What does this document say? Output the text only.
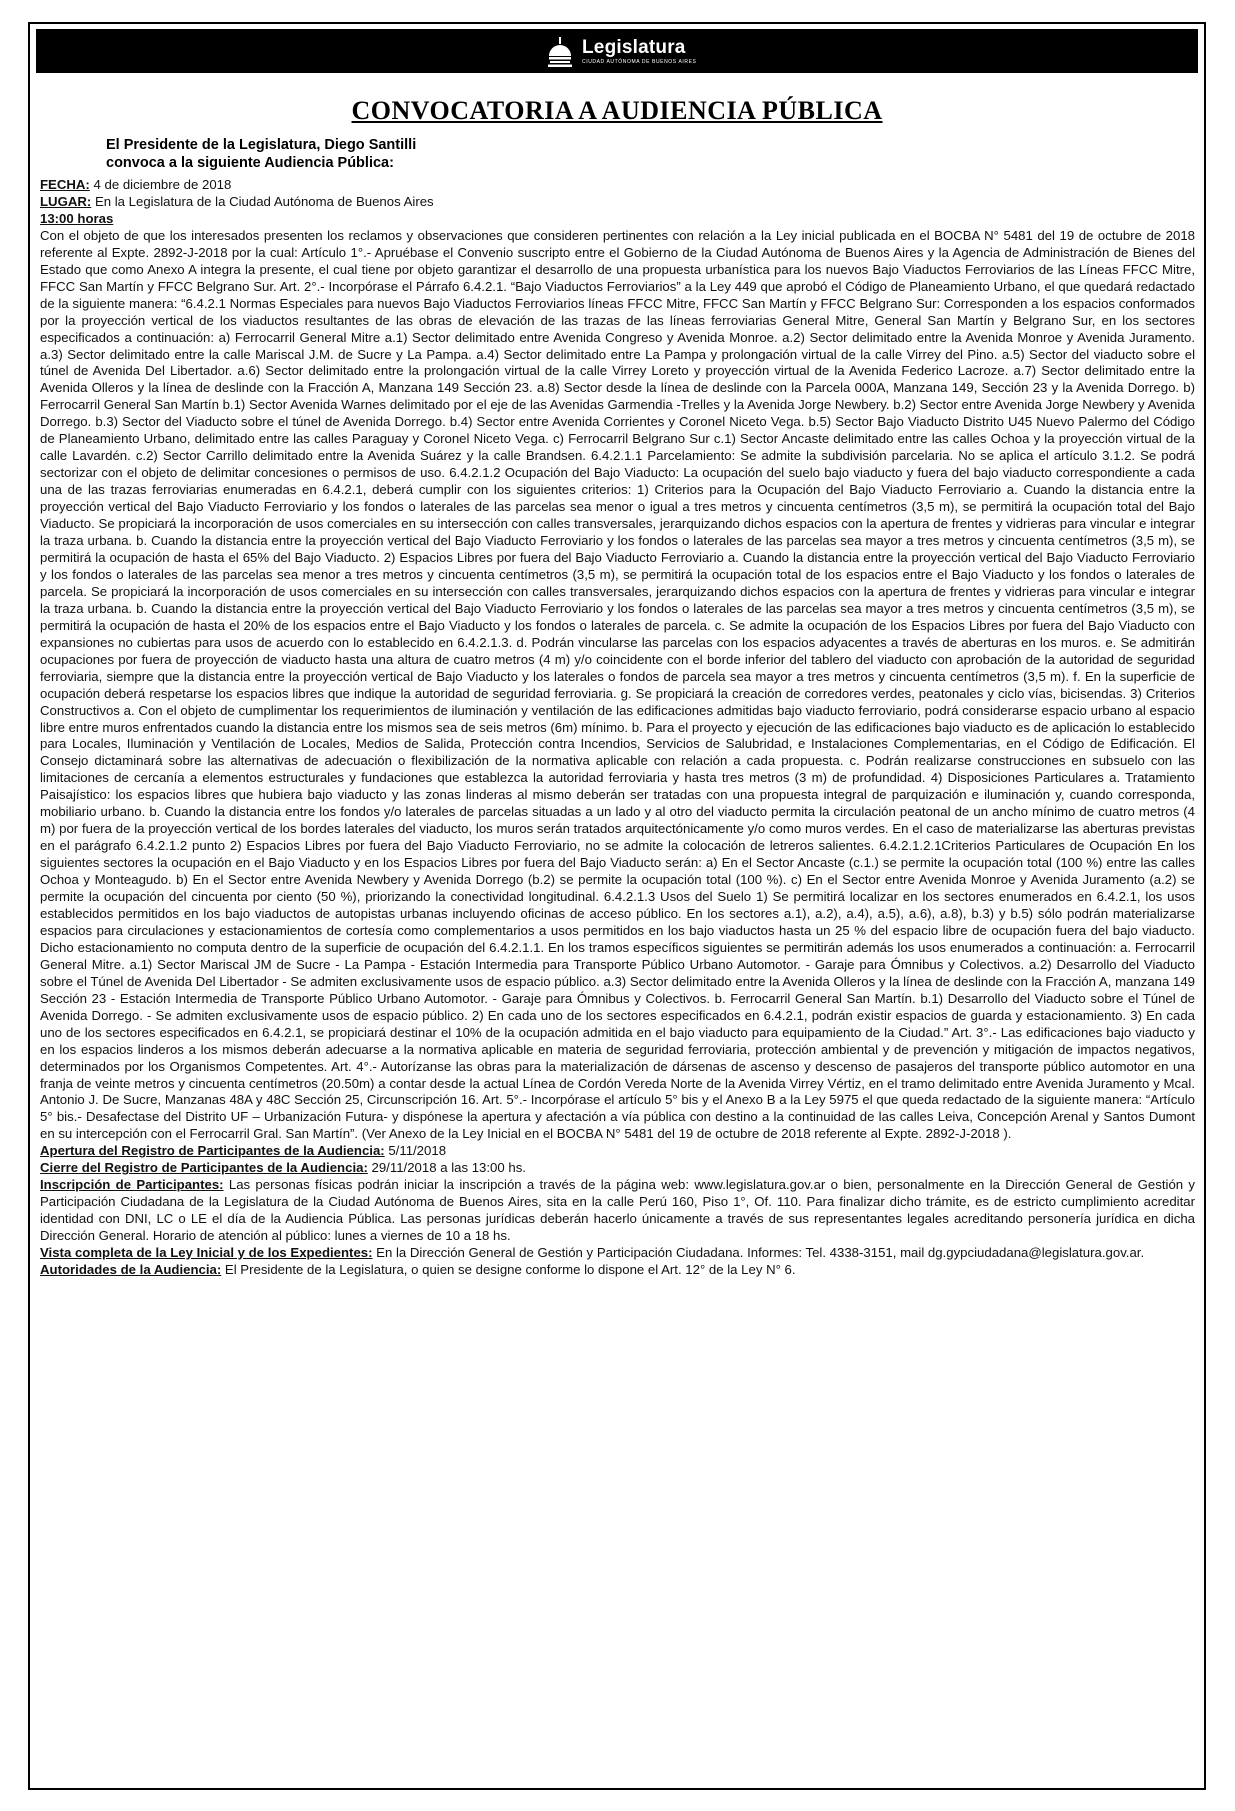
Legislatura
CIUDAD AUTÓNOMA DE BUENOS AIRES
CONVOCATORIA A AUDIENCIA PÚBLICA
El Presidente de la Legislatura, Diego Santilli
convoca a la siguiente Audiencia Pública:

FECHA: 4 de diciembre de 2018

LUGAR: En la Legislatura de la Ciudad Autónoma de Buenos Aires

13:00 horas

Con el objeto de que los interesados presenten los reclamos y observaciones que consideren pertinentes con relación a la Ley inicial publicada en el BOCBA N° 5481 del 19 de octubre de 2018 referente al Expte. 2892-J-2018 por la cual: Artículo 1°.- Apruébase el Convenio suscripto entre el Gobierno de la Ciudad Autónoma de Buenos Aires y la Agencia de Administración de Bienes del Estado que como Anexo A integra la presente, el cual tiene por objeto garantizar el desarrollo de una propuesta urbanística para los nuevos Bajo Viaductos Ferroviarios de las Líneas FFCC Mitre, FFCC San Martín y FFCC Belgrano Sur. Art. 2°.- Incorpórase el Párrafo 6.4.2.1. “Bajo Viaductos Ferroviarios” a la Ley 449 que aprobó el Código de Planeamiento Urbano, el que quedará redactado de la siguiente manera: “6.4.2.1 Normas Especiales para nuevos Bajo Viaductos Ferroviarios líneas FFCC Mitre, FFCC San Martín y FFCC Belgrano Sur: Corresponden a los espacios conformados por la proyección vertical de los viaductos resultantes de las obras de elevación de las trazas de las líneas ferroviarias General Mitre, General San Martín y Belgrano Sur, en los sectores especificados a continuación: a) Ferrocarril General Mitre a.1) Sector delimitado entre Avenida Congreso y Avenida Monroe. a.2) Sector delimitado entre la Avenida Monroe y Avenida Juramento. a.3) Sector delimitado entre la calle Mariscal J.M. de Sucre y La Pampa. a.4) Sector delimitado entre La Pampa y prolongación virtual de la calle Virrey del Pino. a.5) Sector del viaducto sobre el túnel de Avenida Del Libertador. a.6) Sector delimitado entre la prolongación virtual de la calle Virrey Loreto y proyección virtual de la Avenida Federico Lacroze. a.7) Sector delimitado entre la Avenida Olleros y la línea de deslinde con la Fracción A, Manzana 149 Sección 23. a.8) Sector desde la línea de deslinde con la Parcela 000A, Manzana 149, Sección 23 y la Avenida Dorrego. b) Ferrocarril General San Martín b.1) Sector Avenida Warnes delimitado por el eje de las Avenidas Garmendia -Trelles y la Avenida Jorge Newbery. b.2) Sector entre Avenida Jorge Newbery y Avenida Dorrego. b.3) Sector del Viaducto sobre el túnel de Avenida Dorrego. b.4) Sector entre Avenida Corrientes y Coronel Niceto Vega. b.5) Sector Bajo Viaducto Distrito U45 Nuevo Palermo del Código de Planeamiento Urbano, delimitado entre las calles Paraguay y Coronel Niceto Vega. c) Ferrocarril Belgrano Sur c.1) Sector Ancaste delimitado entre las calles Ochoa y la proyección virtual de la calle Lavardén. c.2) Sector Carrillo delimitado entre la Avenida Suárez y la calle Brandsen. 6.4.2.1.1 Parcelamiento: Se admite la subdivisión parcelaria. No se aplica el artículo 3.1.2. Se podrá sectorizar con el objeto de delimitar concesiones o permisos de uso. 6.4.2.1.2 Ocupación del Bajo Viaducto: La ocupación del suelo bajo viaducto y fuera del bajo viaducto correspondiente a cada una de las trazas ferroviarias enumeradas en 6.4.2.1, deberá cumplir con los siguientes criterios: 1) Criterios para la Ocupación del Bajo Viaducto Ferroviario a. Cuando la distancia entre la proyección vertical del Bajo Viaducto Ferroviario y los fondos o laterales de las parcelas sea menor o igual a tres metros y cincuenta centímetros (3,5 m), se permitirá la ocupación total del Bajo Viaducto. Se propiciará la incorporación de usos comerciales en su intersección con calles transversales, jerarquizando dichos espacios con la apertura de frentes y vidrieras para vincular e integrar la traza urbana. b. Cuando la distancia entre la proyección vertical del Bajo Viaducto Ferroviario y los fondos o laterales de las parcelas sea mayor a tres metros y cincuenta centímetros (3,5 m), se permitirá la ocupación de hasta el 65% del Bajo Viaducto. 2) Espacios Libres por fuera del Bajo Viaducto Ferroviario a. Cuando la distancia entre la proyección vertical del Bajo Viaducto Ferroviario y los fondos o laterales de las parcelas sea menor a tres metros y cincuenta centímetros (3,5 m), se permitirá la ocupación total de los espacios entre el Bajo Viaducto y los fondos o laterales de parcela. Se propiciará la incorporación de usos comerciales en su intersección con calles transversales, jerarquizando dichos espacios con la apertura de frentes y vidrieras para vincular e integrar la traza urbana. b. Cuando la distancia entre la proyección vertical del Bajo Viaducto Ferroviario y los fondos o laterales de las parcelas sea mayor a tres metros y cincuenta centímetros (3,5 m), se permitirá la ocupación de hasta el 20% de los espacios entre el Bajo Viaducto y los fondos o laterales de parcela. c. Se admite la ocupación de los Espacios Libres por fuera del Bajo Viaducto con expansiones no cubiertas para usos de acuerdo con lo establecido en 6.4.2.1.3. d. Podrán vincularse las parcelas con los espacios adyacentes a través de aberturas en los muros. e. Se admitirán ocupaciones por fuera de proyección de viaducto hasta una altura de cuatro metros (4 m) y/o coincidente con el borde inferior del tablero del viaducto con aprobación de la autoridad de seguridad ferroviaria, siempre que la distancia entre la proyección vertical de Bajo Viaducto y los laterales o fondos de parcela sea mayor a tres metros y cincuenta centímetros (3,5 m). f. En la superficie de ocupación deberá respetarse los espacios libres que indique la autoridad de seguridad ferroviaria. g. Se propiciará la creación de corredores verdes, peatonales y ciclo vías, bicisendas. 3) Criterios Constructivos a. Con el objeto de cumplimentar los requerimientos de iluminación y ventilación de las edificaciones admitidas bajo viaducto ferroviario, podrá considerarse espacio urbano al espacio libre entre muros enfrentados cuando la distancia entre los mismos sea de seis metros (6m) mínimo. b. Para el proyecto y ejecución de las edificaciones bajo viaducto es de aplicación lo establecido para Locales, Iluminación y Ventilación de Locales, Medios de Salida, Protección contra Incendios, Servicios de Salubridad, e Instalaciones Complementarias, en el Código de Edificación. El Consejo dictaminará sobre las alternativas de adecuación o flexibilización de la normativa aplicable con relación a cada propuesta. c. Podrán realizarse construcciones en subsuelo con las limitaciones de cercanía a elementos estructurales y fundaciones que establezca la autoridad ferroviaria y hasta tres metros (3 m) de profundidad. 4) Disposiciones Particulares a. Tratamiento Paisajístico: los espacios libres que hubiera bajo viaducto y las zonas linderas al mismo deberán ser tratadas con una propuesta integral de parquización e iluminación y, cuando corresponda, mobiliario urbano. b. Cuando la distancia entre los fondos y/o laterales de parcelas situadas a un lado y al otro del viaducto permita la circulación peatonal de un ancho mínimo de cuatro metros (4 m) por fuera de la proyección vertical de los bordes laterales del viaducto, los muros serán tratados arquitectónicamente y/o como muros verdes. En el caso de materializarse las aberturas previstas en el parágrafo 6.4.2.1.2 punto 2) Espacios Libres por fuera del Bajo Viaducto Ferroviario, no se admite la colocación de letreros salientes. 6.4.2.1.2.1Criterios Particulares de Ocupación En los siguientes sectores la ocupación en el Bajo Viaducto y en los Espacios Libres por fuera del Bajo Viaducto serán: a) En el Sector Ancaste (c.1.) se permite la ocupación total (100 %) entre las calles Ochoa y Monteagudo. b) En el Sector entre Avenida Newbery y Avenida Dorrego (b.2) se permite la ocupación total (100 %). c) En el Sector entre Avenida Monroe y Avenida Juramento (a.2) se permite la ocupación del cincuenta por ciento (50 %), priorizando la conectividad longitudinal. 6.4.2.1.3 Usos del Suelo 1) Se permitirá localizar en los sectores enumerados en 6.4.2.1, los usos establecidos permitidos en los bajo viaductos de autopistas urbanas incluyendo oficinas de acceso público. En los sectores a.1), a.2), a.4), a.5), a.6), a.8), b.3) y b.5) sólo podrán materializarse espacios para circulaciones y estacionamientos de cortesía como complementarios a usos permitidos en los bajo viaductos hasta un 25 % del espacio libre de ocupación fuera del bajo viaducto. Dicho estacionamiento no computa dentro de la superficie de ocupación del 6.4.2.1.1. En los tramos específicos siguientes se permitirán además los usos enumerados a continuación: a. Ferrocarril General Mitre. a.1) Sector Mariscal JM de Sucre - La Pampa - Estación Intermedia para Transporte Público Urbano Automotor. - Garaje para Ómnibus y Colectivos. a.2) Desarrollo del Viaducto sobre el Túnel de Avenida Del Libertador - Se admiten exclusivamente usos de espacio público. a.3) Sector delimitado entre la Avenida Olleros y la línea de deslinde con la Fracción A, manzana 149 Sección 23 - Estación Intermedia de Transporte Público Urbano Automotor. - Garaje para Ómnibus y Colectivos. b. Ferrocarril General San Martín. b.1) Desarrollo del Viaducto sobre el Túnel de Avenida Dorrego. - Se admiten exclusivamente usos de espacio público. 2) En cada uno de los sectores especificados en 6.4.2.1, podrán existir espacios de guarda y estacionamiento. 3) En cada uno de los sectores especificados en 6.4.2.1, se propiciará destinar el 10% de la ocupación admitida en el bajo viaducto para equipamiento de la Ciudad.” Art. 3°.- Las edificaciones bajo viaducto y en los espacios linderos a los mismos deberán adecuarse a la normativa aplicable en materia de seguridad ferroviaria, protección ambiental y de prevención y mitigación de impactos negativos, determinados por los Organismos Competentes. Art. 4°.- Autorízanse las obras para la materialización de dársenas de ascenso y descenso de pasajeros del transporte público automotor en una franja de veinte metros y cincuenta centímetros (20.50m) a contar desde la actual Línea de Cordón Vereda Norte de la Avenida Virrey Vértiz, en el tramo delimitado entre Avenida Juramento y Mcal. Antonio J. De Sucre, Manzanas 48A y 48C Sección 25, Circunscripción 16. Art. 5°.- Incorpórase el artículo 5° bis y el Anexo B a la Ley 5975 el que queda redactado de la siguiente manera: “Artículo 5° bis.- Desafectase del Distrito UF – Urbanización Futura- y dispónese la apertura y afectación a vía pública con destino a la continuidad de las calles Leiva, Concepción Arenal y Santos Dumont en su intercepción con el Ferrocarril Gral. San Martín”. (Ver Anexo de la Ley Inicial en el BOCBA N° 5481 del 19 de octubre de 2018 referente al Expte. 2892-J-2018 ).

Apertura del Registro de Participantes de la Audiencia: 5/11/2018

Cierre del Registro de Participantes de la Audiencia: 29/11/2018 a las 13:00 hs.

Inscripción de Participantes: Las personas físicas podrán iniciar la inscripción a través de la página web: www.legislatura.gov.ar o bien, personalmente en la Dirección General de Gestión y Participación Ciudadana de la Legislatura de la Ciudad Autónoma de Buenos Aires, sita en la calle Perú 160, Piso 1°, Of. 110. Para finalizar dicho trámite, es de estricto cumplimiento acreditar identidad con DNI, LC o LE el día de la Audiencia Pública. Las personas jurídicas deberán hacerlo únicamente a través de sus representantes legales acreditando personería jurídica en dicha Dirección General. Horario de atención al público: lunes a viernes de 10 a 18 hs.

Vista completa de la Ley Inicial y de los Expedientes: En la Dirección General de Gestión y Participación Ciudadana. Informes: Tel. 4338-3151, mail dg.gypciudadana@legislatura.gov.ar.

Autoridades de la Audiencia: El Presidente de la Legislatura, o quien se designe conforme lo dispone el Art. 12° de la Ley N° 6.
